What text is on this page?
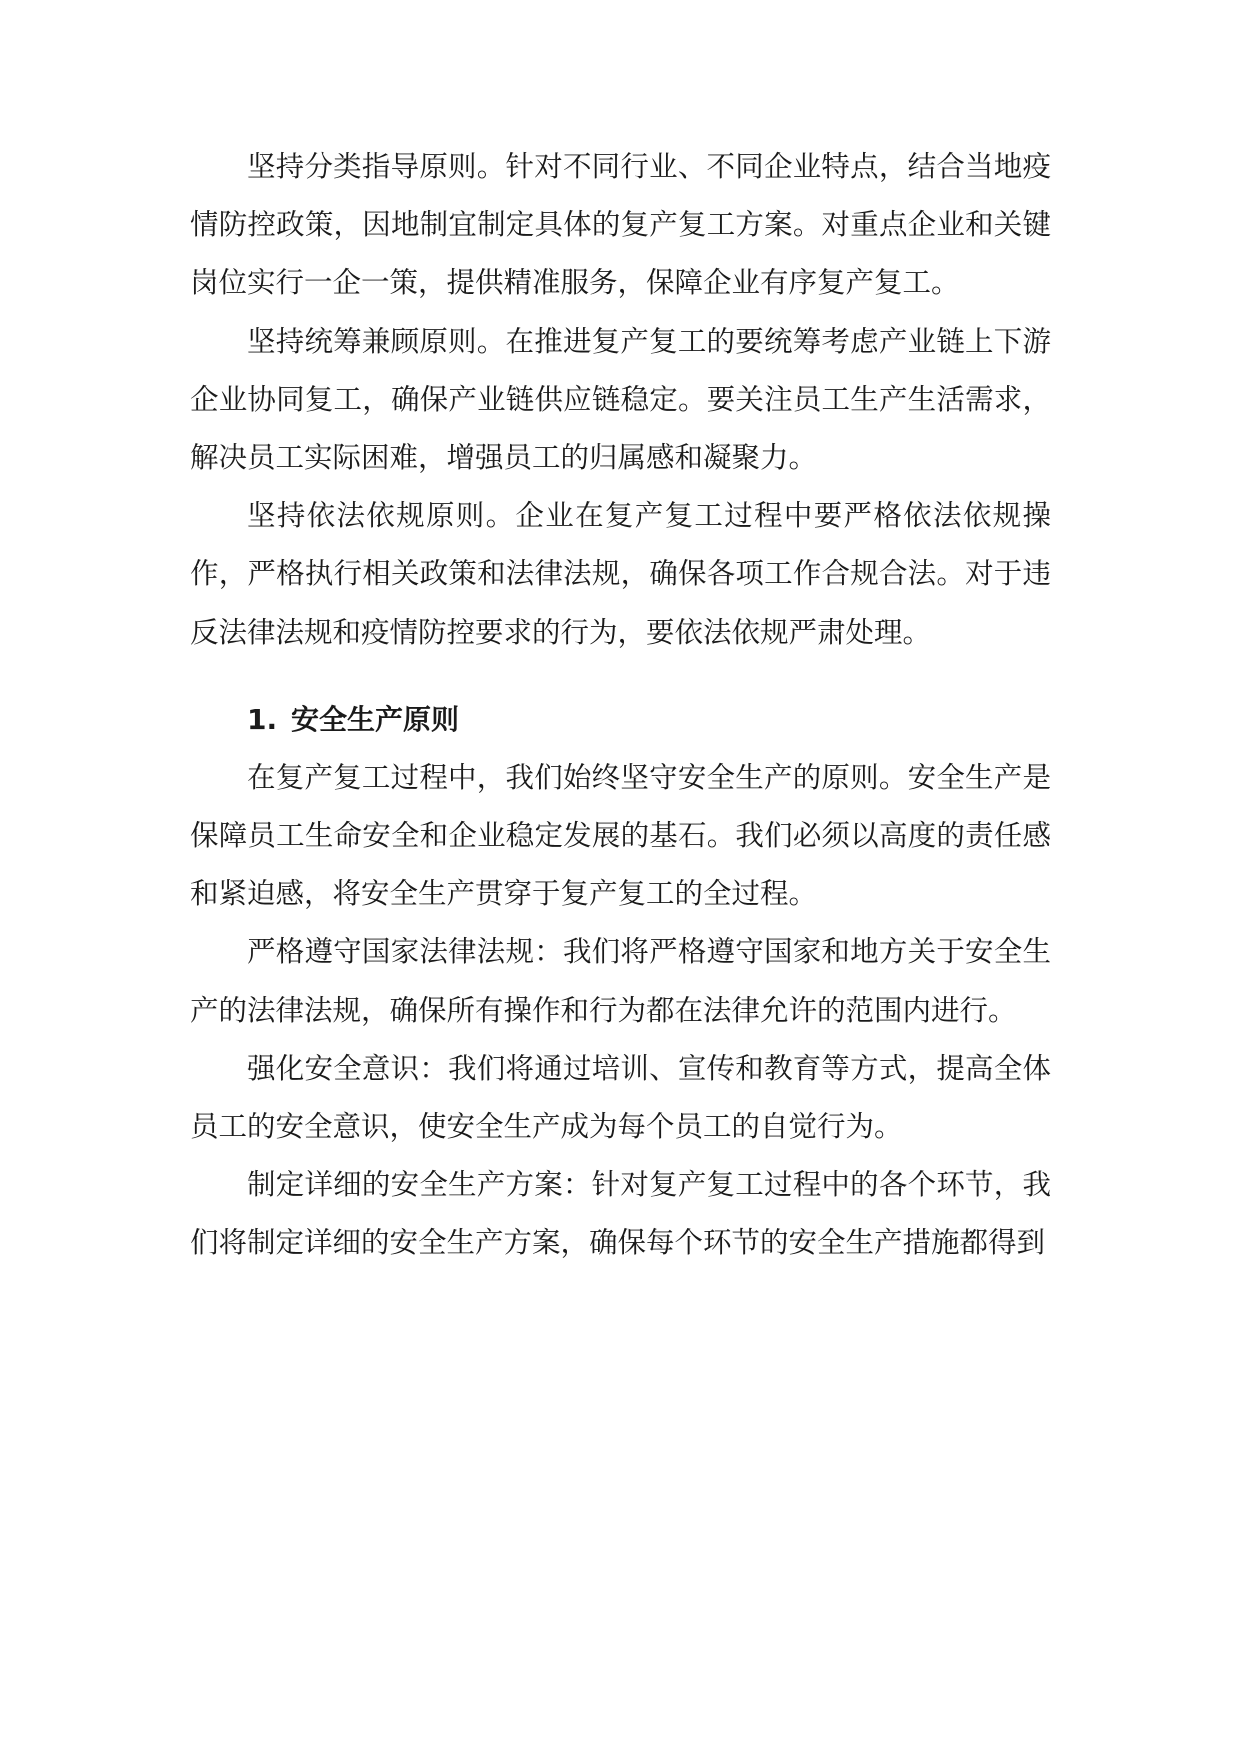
坚持分类指导原则。针对不同行业、不同企业特点，结合当地疫情防控政策，因地制宜制定具体的复产复工方案。对重点企业和关键岗位实行一企一策，提供精准服务，保障企业有序复产复工。

坚持统筹兼顾原则。在推进复产复工的要统筹考虑产业链上下游企业协同复工，确保产业链供应链稳定。要关注员工生产生活需求，解决员工实际困难，增强员工的归属感和凝聚力。

坚持依法依规原则。企业在复产复工过程中要严格依法依规操作，严格执行相关政策和法律法规，确保各项工作合规合法。对于违反法律法规和疫情防控要求的行为，要依法依规严肃处理。

1. 安全生产原则

在复产复工过程中，我们始终坚守安全生产的原则。安全生产是保障员工生命安全和企业稳定发展的基石。我们必须以高度的责任感和紧迫感，将安全生产贯穿于复产复工的全过程。

严格遵守国家法律法规：我们将严格遵守国家和地方关于安全生产的法律法规，确保所有操作和行为都在法律允许的范围内进行。

强化安全意识：我们将通过培训、宣传和教育等方式，提高全体员工的安全意识，使安全生产成为每个员工的自觉行为。

制定详细的安全生产方案：针对复产复工过程中的各个环节，我们将制定详细的安全生产方案，确保每个环节的安全生产措施都得到
